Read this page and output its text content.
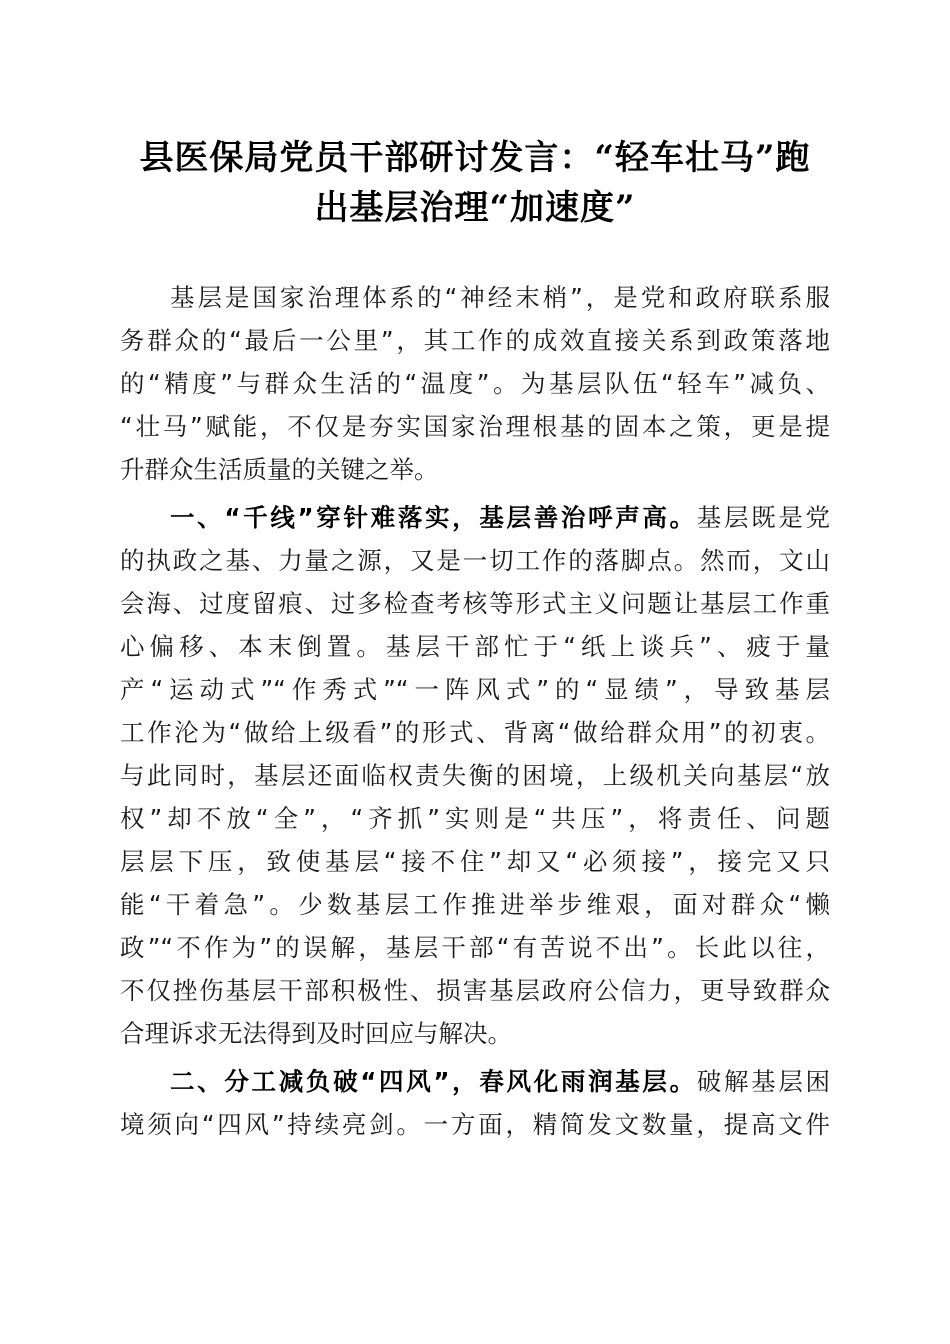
县医保局党员干部研讨发言：“轻车壮马”跑
出基层治理“加速度”
基层是国家治理体系的“神经末梢”，是党和政府联系服
务群众的“最后一公里”，其工作的成效直接关系到政策落地
的“精度”与群众生活的“温度”。为基层队伍“轻车”减负、
“壮马”赋能，不仅是夯实国家治理根基的固本之策，更是提
升群众生活质量的关键之举。
一、“千线”穿针难落实，基层善治呼声高。基层既是党
的执政之基、力量之源，又是一切工作的落脚点。然而，文山
会海、过度留痕、过多检查考核等形式主义问题让基层工作重
心偏移、本末倒置。基层干部忙于“纸上谈兵”、疲于量
产“运动式”“作秀式”“一阵风式”的“显绩”，导致基层
工作沦为“做给上级看”的形式、背离“做给群众用”的初衷。
与此同时，基层还面临权责失衡的困境，上级机关向基层“放
权”却不放“全”，“齐抓”实则是“共压”，将责任、问题
层层下压，致使基层“接不住”却又“必须接”，接完又只
能“干着急”。少数基层工作推进举步维艰，面对群众“懒
政”“不作为”的误解，基层干部“有苦说不出”。长此以往，
不仅挫伤基层干部积极性、损害基层政府公信力，更导致群众
合理诉求无法得到及时回应与解决。
二、分工减负破“四风”，春风化雨润基层。破解基层困
境须向“四风”持续亮剑。一方面，精简发文数量，提高文件
